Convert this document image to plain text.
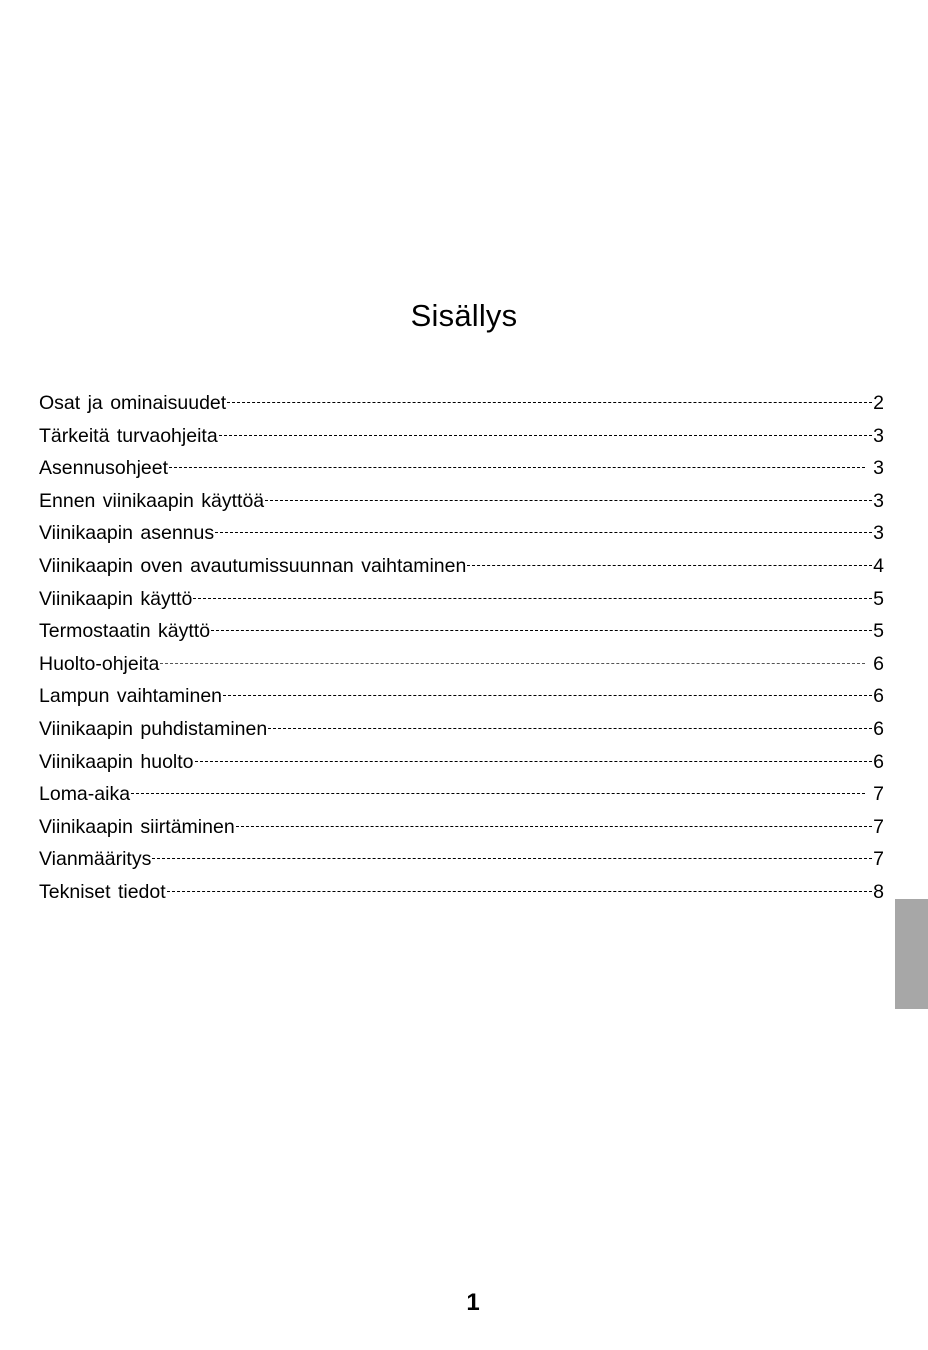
Sisällys
Osat ja ominaisuudet	2
Tärkeitä turvaohjeita	3
Asennusohjeet	3
Ennen viinikaapin käyttöä	3
Viinikaapin asennus	3
Viinikaapin oven avautumissuunnan vaihtaminen	4
Viinikaapin käyttö	5
Termostaatin käyttö	5
Huolto-ohjeita	6
Lampun vaihtaminen	6
Viinikaapin puhdistaminen	6
Viinikaapin huolto	6
Loma-aika	7
Viinikaapin siirtäminen	7
Vianmääritys	7
Tekniset tiedot	8
1
